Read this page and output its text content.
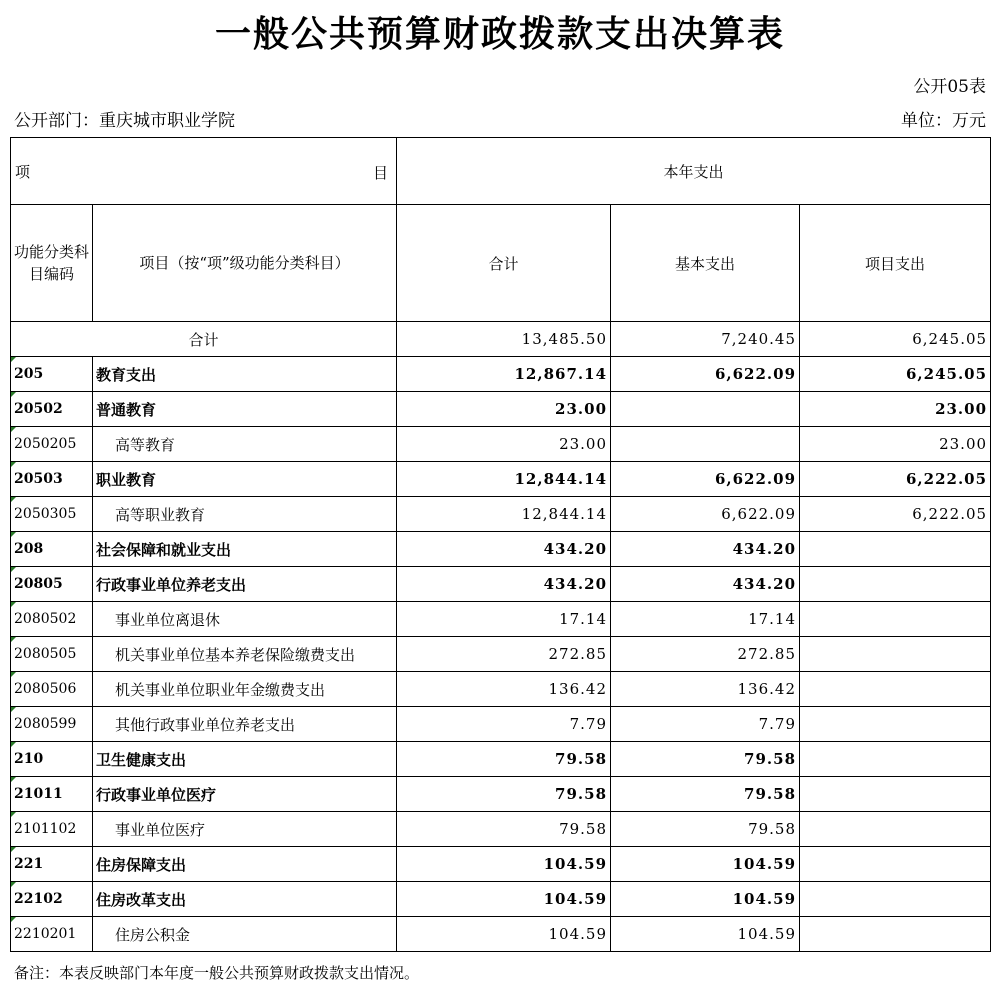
一般公共预算财政拨款支出决算表
公开05表
公开部门：重庆城市职业学院	单位：万元
项 目		本年支出		
功能分类科目编码	项目（按“项”级功能分类科目）	合计	基本支出	项目支出
合计		13,485.50	7,240.45	6,245.05
205	教育支出	12,867.14	6,622.09	6,245.05
20502	普通教育	23.00		23.00
2050205	高等教育	23.00		23.00
20503	职业教育	12,844.14	6,622.09	6,222.05
2050305	高等职业教育	12,844.14	6,622.09	6,222.05
208	社会保障和就业支出	434.20	434.20	
20805	行政事业单位养老支出	434.20	434.20	
2080502	事业单位离退休	17.14	17.14	
2080505	机关事业单位基本养老保险缴费支出	272.85	272.85	
2080506	机关事业单位职业年金缴费支出	136.42	136.42	
2080599	其他行政事业单位养老支出	7.79	7.79	
210	卫生健康支出	79.58	79.58	
21011	行政事业单位医疗	79.58	79.58	
2101102	事业单位医疗	79.58	79.58	
221	住房保障支出	104.59	104.59	
22102	住房改革支出	104.59	104.59	
2210201	住房公积金	104.59	104.59	
备注：本表反映部门本年度一般公共预算财政拨款支出情况。
